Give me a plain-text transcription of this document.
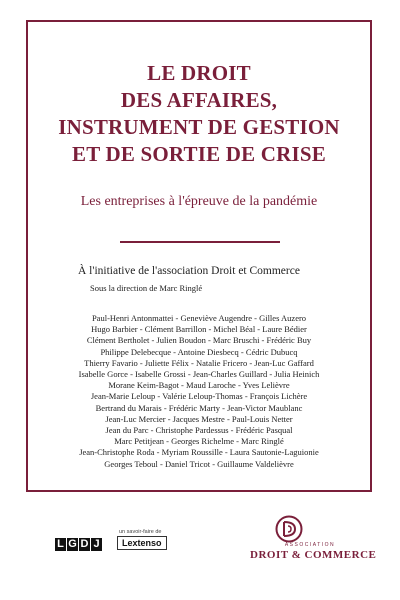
LE DROIT
DES AFFAIRES,
INSTRUMENT DE GESTION
ET DE SORTIE DE CRISE
Les entreprises à l'épreuve de la pandémie
À l'initiative de l'association Droit et Commerce
Sous la direction de Marc Ringlé
Paul-Henri Antonmattei - Geneviève Augendre - Gilles Auzero
Hugo Barbier - Clément Barrillon - Michel Béal - Laure Bédier
Clément Bertholet - Julien Boudon - Marc Bruschi - Frédéric Buy
Philippe Delebecque - Antoine Diesbecq - Cédric Dubucq
Thierry Favario - Juliette Félix - Natalie Fricero - Jean-Luc Gaffard
Isabelle Gorce - Isabelle Grossi - Jean-Charles Guillard - Julia Heinich
Morane Keim-Bagot - Maud Laroche - Yves Lelièvre
Jean-Marie Leloup - Valérie Leloup-Thomas - François Lichère
Bertrand du Marais - Frédéric Marty - Jean-Victor Maublanc
Jean-Luc Mercier - Jacques Mestre - Paul-Louis Netter
Jean du Parc - Christophe Pardessus - Frédéric Pasqual
Marc Petitjean - Georges Richelme - Marc Ringlé
Jean-Christophe Roda - Myriam Roussille - Laura Sautonie-Laguionie
Georges Teboul - Daniel Tricot - Guillaume Valdelièvre
L G D J
un savoir-faire de
Lextenso	ASSOCIATION
DROIT & COMMERCE
